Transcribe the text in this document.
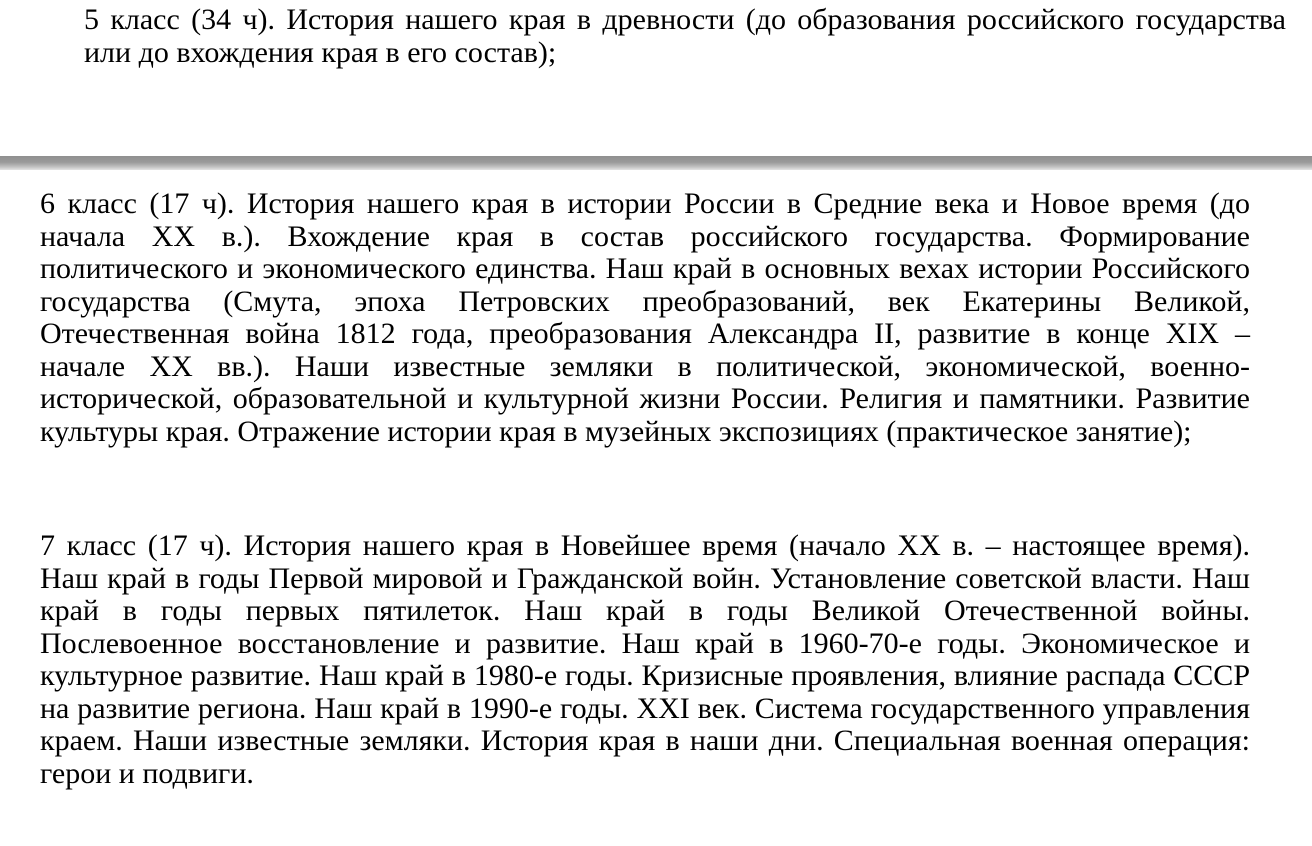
5 класс (34 ч). История нашего края в древности (до образования российского государства или до вхождения края в его состав);

6 класс (17 ч). История нашего края в истории России в Средние века и Новое время (до начала XX в.). Вхождение края в состав российского государства. Формирование политического и экономического единства. Наш край в основных вехах истории Российского государства (Смута, эпоха Петровских преобразований, век Екатерины Великой, Отечественная война 1812 года, преобразования Александра II, развитие в конце XIX – начале XX вв.). Наши известные земляки в политической, экономической, военно-исторической, образовательной и культурной жизни России. Религия и памятники. Развитие культуры края. Отражение истории края в музейных экспозициях (практическое занятие);

7 класс (17 ч). История нашего края в Новейшее время (начало XX в. – настоящее время). Наш край в годы Первой мировой и Гражданской войн. Установление советской власти. Наш край в годы первых пятилеток. Наш край в годы Великой Отечественной войны. Послевоенное восстановление и развитие. Наш край в 1960-70-е годы. Экономическое и культурное развитие. Наш край в 1980-е годы. Кризисные проявления, влияние распада СССР на развитие региона. Наш край в 1990-е годы. XXI век. Система государственного управления краем. Наши известные земляки. История края в наши дни. Специальная военная операция: герои и подвиги.
